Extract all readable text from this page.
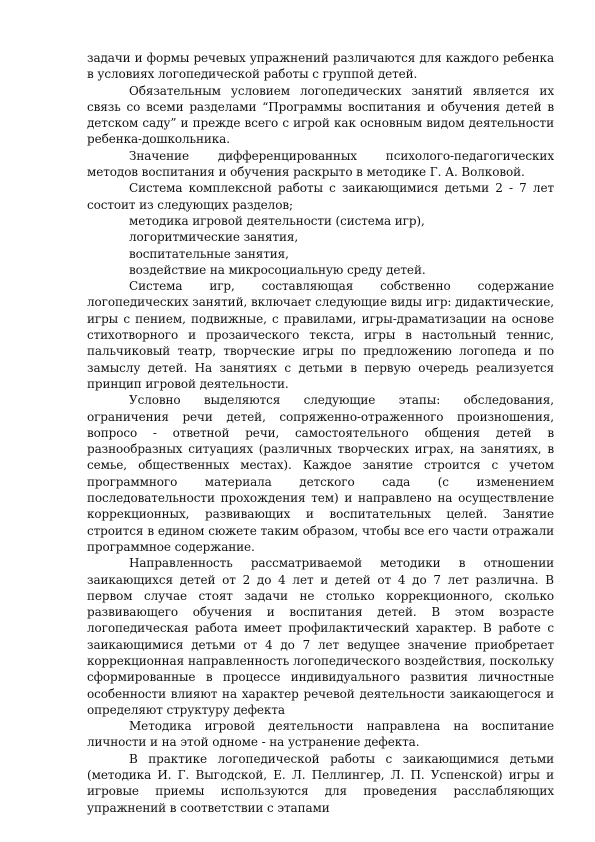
задачи и формы речевых упражнений различаются для каждого ребенка в условиях логопедической работы с группой детей.

Обязательным условием логопедических занятий является их связь со всеми разделами “Программы воспитания и обучения детей в детском саду” и прежде всего с игрой как основным видом деятельности ребенка-дошкольника.

Значение дифференцированных психолого-педагогических методов воспитания и обучения раскрыто в методике Г. А. Волковой.

Система комплексной работы с заикающимися детьми 2 - 7 лет состоит из следующих разделов;

методика игровой деятельности (система игр),
логоритмические занятия,
воспитательные занятия,
воздействие на микросоциальную среду детей.

Система игр, составляющая собственно содержание логопедических занятий, включает следующие виды игр: дидактические, игры с пением, подвижные, с правилами, игры-драматизации на основе стихотворного и прозаического текста, игры в настольный теннис, пальчиковый театр, творческие игры по предложению логопеда и по замыслу детей. На занятиях с детьми в первую очередь реализуется принцип игровой деятельности.

Условно выделяются следующие этапы: обследования, ограничения речи детей, сопряженно-отраженного произношения, вопросо - ответной речи, самостоятельного общения детей в разнообразных ситуациях (различных творческих играх, на занятиях, в семье, общественных местах). Каждое занятие строится с учетом программного материала детского сада (с изменением последовательности прохождения тем) и направлено на осуществление коррекционных, развивающих и воспитательных целей. Занятие строится в едином сюжете таким образом, чтобы все его части отражали программное содержание.

Направленность рассматриваемой методики в отношении заикающихся детей от 2 до 4 лет и детей от 4 до 7 лет различна. В первом случае стоят задачи не столько коррекционного, сколько развивающего обучения и воспитания детей. В этом возрасте логопедическая работа имеет профилактический характер. В работе с заикающимися детьми от 4 до 7 лет ведущее значение приобретает коррекционная направленность логопедического воздействия, поскольку сформированные в процессе индивидуального развития личностные особенности влияют на характер речевой деятельности заикающегося и определяют структуру дефекта

Методика игровой деятельности направлена на воспитание личности и на этой одноме - на устранение дефекта.

В практике логопедической работы с заикающимися детьми (методика И. Г. Выгодской, Е. Л. Пеллингер, Л. П. Успенской) игры и игровые приемы используются для проведения расслабляющих упражнений в соответствии с этапами
